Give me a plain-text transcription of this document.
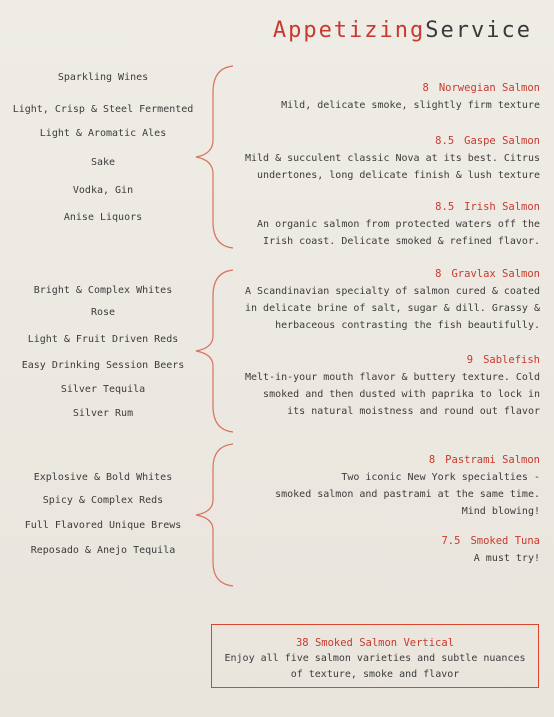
AppetizingService
Sparkling Wines
Light, Crisp & Steel Fermented
Light & Aromatic Ales
Sake
Vodka, Gin
Anise Liquors
Bright & Complex Whites
Rose
Light & Fruit Driven Reds
Easy Drinking Session Beers
Silver Tequila
Silver Rum
Explosive & Bold Whites
Spicy & Complex Reds
Full Flavored Unique Brews
Reposado & Anejo Tequila
8 Norwegian Salmon
Mild, delicate smoke, slightly firm texture
8.5 Gaspe Salmon
Mild & succulent classic Nova at its best. Citrus
undertones, long delicate finish & lush texture
8.5 Irish Salmon
An organic salmon from protected waters off the
Irish coast. Delicate smoked & refined flavor.
8 Gravlax Salmon
A Scandinavian specialty of salmon cured & coated
in delicate brine of salt, sugar & dill. Grassy &
herbaceous contrasting the fish beautifully.
9 Sablefish
Melt-in-your mouth flavor & buttery texture. Cold
smoked and then dusted with paprika to lock in
its natural moistness and round out flavor
8 Pastrami Salmon
Two iconic New York specialties -
smoked salmon and pastrami at the same time.
Mind blowing!
7.5 Smoked Tuna
A must try!
38 Smoked Salmon Vertical
Enjoy all five salmon varieties and subtle nuances
of texture, smoke and flavor
